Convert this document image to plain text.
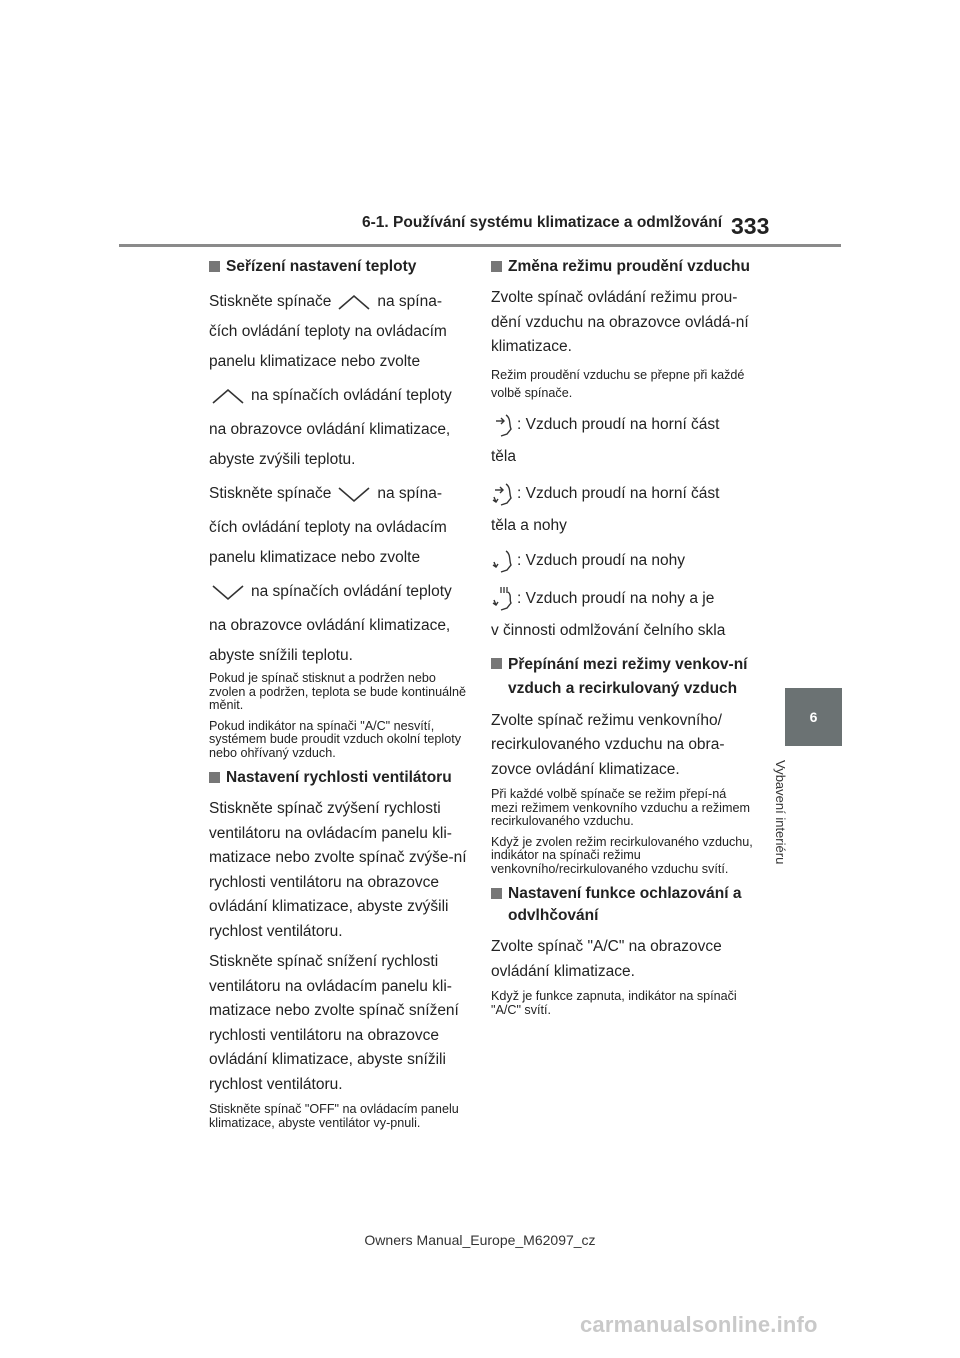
6-1. Používání systému klimatizace a odmlžování 333
6
Vybavení interiéru
Seřízení nastavení teploty
Stiskněte spínače	na spína-
čích ovládání teploty na ovládacím
panelu klimatizace nebo zvolte
na spínačích ovládání teploty
na obrazovce ovládání klimatizace,
abyste zvýšili teplotu.
Stiskněte spínače	na spína-
čích ovládání teploty na ovládacím
panelu klimatizace nebo zvolte
na spínačích ovládání teploty
na obrazovce ovládání klimatizace,
abyste snížili teplotu.
Pokud je spínač stisknut a podržen nebo zvolen a podržen, teplota se bude kontinuálně měnit.
Pokud indikátor na spínači "A/C" nesvítí, systémem bude proudit vzduch okolní teploty nebo ohřívaný vzduch.
Nastavení rychlosti ventilátoru
Stiskněte spínač zvýšení rychlosti ventilátoru na ovládacím panelu kli-matizace nebo zvolte spínač zvýše-ní rychlosti ventilátoru na obrazovce ovládání klimatizace, abyste zvýšili rychlost ventilátoru.
Stiskněte spínač snížení rychlosti ventilátoru na ovládacím panelu kli-matizace nebo zvolte spínač snížení rychlosti ventilátoru na obrazovce ovládání klimatizace, abyste snížili rychlost ventilátoru.
Stiskněte spínač "OFF" na ovládacím panelu klimatizace, abyste ventilátor vy-pnuli.
Změna režimu proudění vzduchu
Zvolte spínač ovládání režimu prou-dění vzduchu na obrazovce ovládá-ní klimatizace.
Režim proudění vzduchu se přepne při každé volbě spínače.
: Vzduch proudí na horní část
těla
: Vzduch proudí na horní část
těla a nohy
: Vzduch proudí na nohy
: Vzduch proudí na nohy a je
v činnosti odmlžování čelního skla
Přepínání mezi režimy venkov-ní vzduch a recirkulovaný vzduch
Zvolte spínač režimu venkovního/ recirkulovaného vzduchu na obra-zovce ovládání klimatizace.
Při každé volbě spínače se režim přepí-ná mezi režimem venkovního vzduchu a režimem recirkulovaného vzduchu.
Když je zvolen režim recirkulovaného vzduchu, indikátor na spínači režimu venkovního/recirkulovaného vzduchu svítí.
Nastavení funkce ochlazování a odvlhčování
Zvolte spínač "A/C" na obrazovce ovládání klimatizace.
Když je funkce zapnuta, indikátor na spínači "A/C" svítí.
Owners Manual_Europe_M62097_cz
carmanualsonline.info
